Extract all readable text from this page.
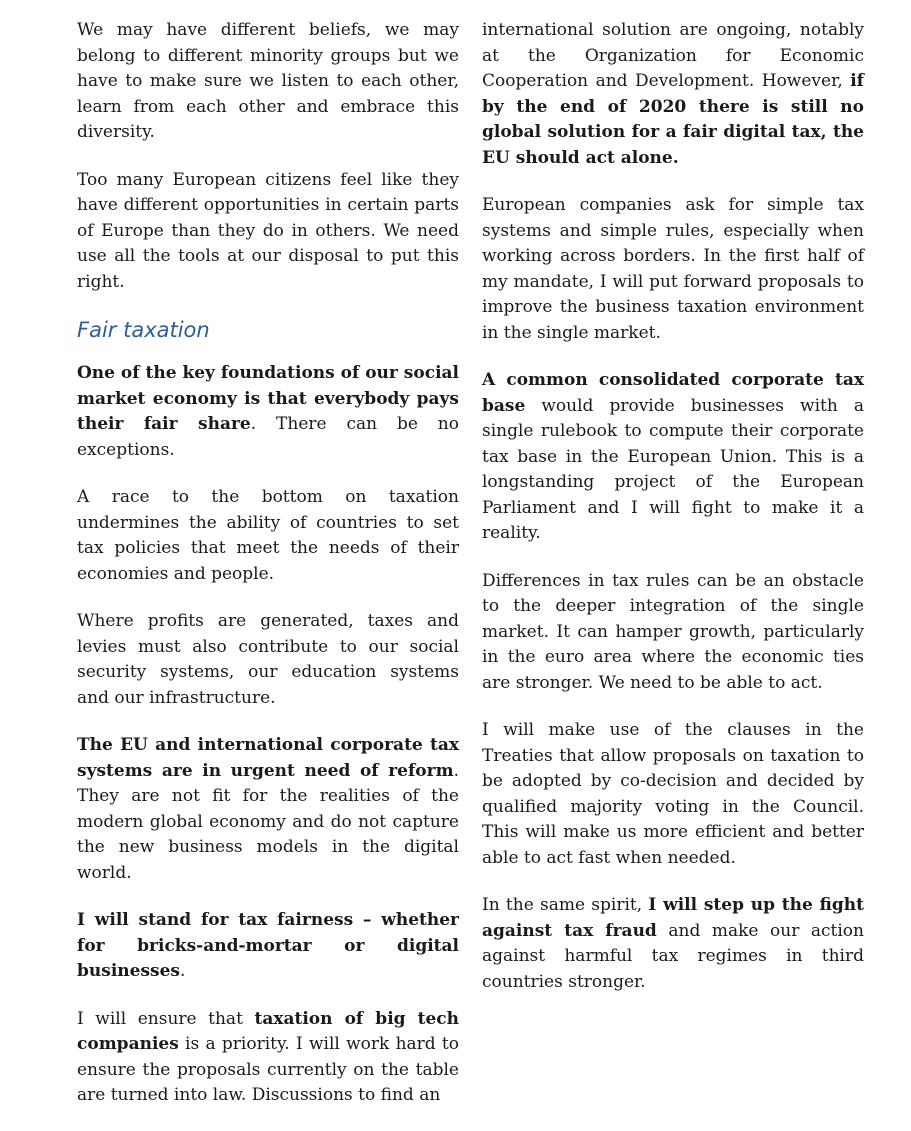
We may have different beliefs, we may belong to different minority groups but we have to make sure we listen to each other, learn from each other and embrace this diversity.

Too many European citizens feel like they have different opportunities in certain parts of Europe than they do in others. We need use all the tools at our disposal to put this right.

Fair taxation

One of the key foundations of our social market economy is that everybody pays their fair share. There can be no exceptions.

A race to the bottom on taxation undermines the ability of countries to set tax policies that meet the needs of their economies and people.

Where profits are generated, taxes and levies must also contribute to our social security systems, our education systems and our infrastructure.

The EU and international corporate tax systems are in urgent need of reform. They are not fit for the realities of the modern global economy and do not capture the new business models in the digital world.

I will stand for tax fairness – whether for bricks-and-mortar or digital businesses.

I will ensure that taxation of big tech companies is a priority. I will work hard to ensure the proposals currently on the table are turned into law. Discussions to find an

international solution are ongoing, notably at the Organization for Economic Cooperation and Development. However, if by the end of 2020 there is still no global solution for a fair digital tax, the EU should act alone.

European companies ask for simple tax systems and simple rules, especially when working across borders. In the first half of my mandate, I will put forward proposals to improve the business taxation environment in the single market.

A common consolidated corporate tax base would provide businesses with a single rulebook to compute their corporate tax base in the European Union. This is a longstanding project of the European Parliament and I will fight to make it a reality.

Differences in tax rules can be an obstacle to the deeper integration of the single market. It can hamper growth, particularly in the euro area where the economic ties are stronger. We need to be able to act.

I will make use of the clauses in the Treaties that allow proposals on taxation to be adopted by co-decision and decided by qualified majority voting in the Council. This will make us more efficient and better able to act fast when needed.

In the same spirit, I will step up the fight against tax fraud and make our action against harmful tax regimes in third countries stronger.
